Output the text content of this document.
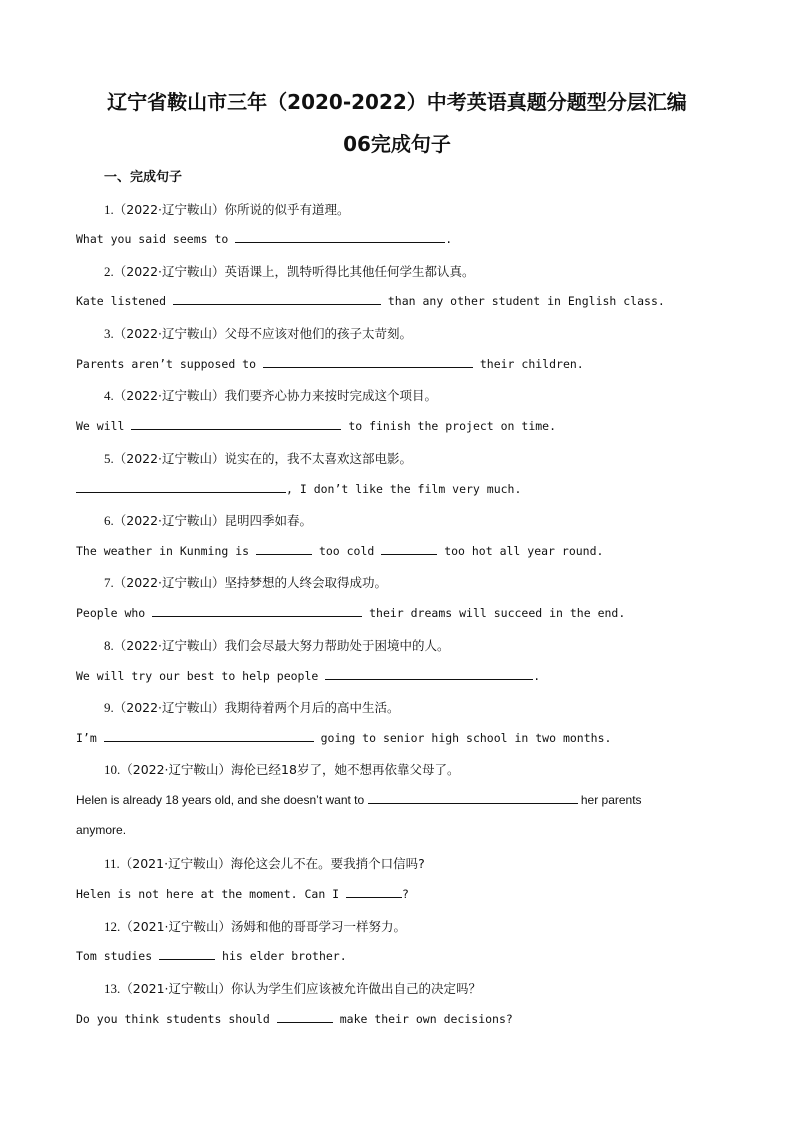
辽宁省鞍山市三年（2020-2022）中考英语真题分题型分层汇编
06完成句子
一、完成句子
1.（2022·辽宁鞍山）你所说的似乎有道理。
What you said seems to	.
2.（2022·辽宁鞍山）英语课上，凯特听得比其他任何学生都认真。
Kate listened	than any other student in English class.
3.（2022·辽宁鞍山）父母不应该对他们的孩子太苛刻。
Parents aren’t supposed to	their children.
4.（2022·辽宁鞍山）我们要齐心协力来按时完成这个项目。
We will	to finish the project on time.
5.（2022·辽宁鞍山）说实在的，我不太喜欢这部电影。
, I don’t like the film very much.
6.（2022·辽宁鞍山）昆明四季如春。
The weather in Kunming is	too cold	too hot all year round.
7.（2022·辽宁鞍山）坚持梦想的人终会取得成功。
People who	their dreams will succeed in the end.
8.（2022·辽宁鞍山）我们会尽最大努力帮助处于困境中的人。
We will try our best to help people	.
9.（2022·辽宁鞍山）我期待着两个月后的高中生活。
I’m	going to senior high school in two months.
10.（2022·辽宁鞍山）海伦已经18岁了，她不想再依靠父母了。
Helen is already 18 years old, and she doesn’t want to	her parents
anymore.
11.（2021·辽宁鞍山）海伦这会儿不在。要我捎个口信吗?
Helen is not here at the moment. Can I	?
12.（2021·辽宁鞍山）汤姆和他的哥哥学习一样努力。
Tom studies	his elder brother.
13.（2021·辽宁鞍山）你认为学生们应该被允许做出自己的决定吗？
Do you think students should	make their own decisions?
